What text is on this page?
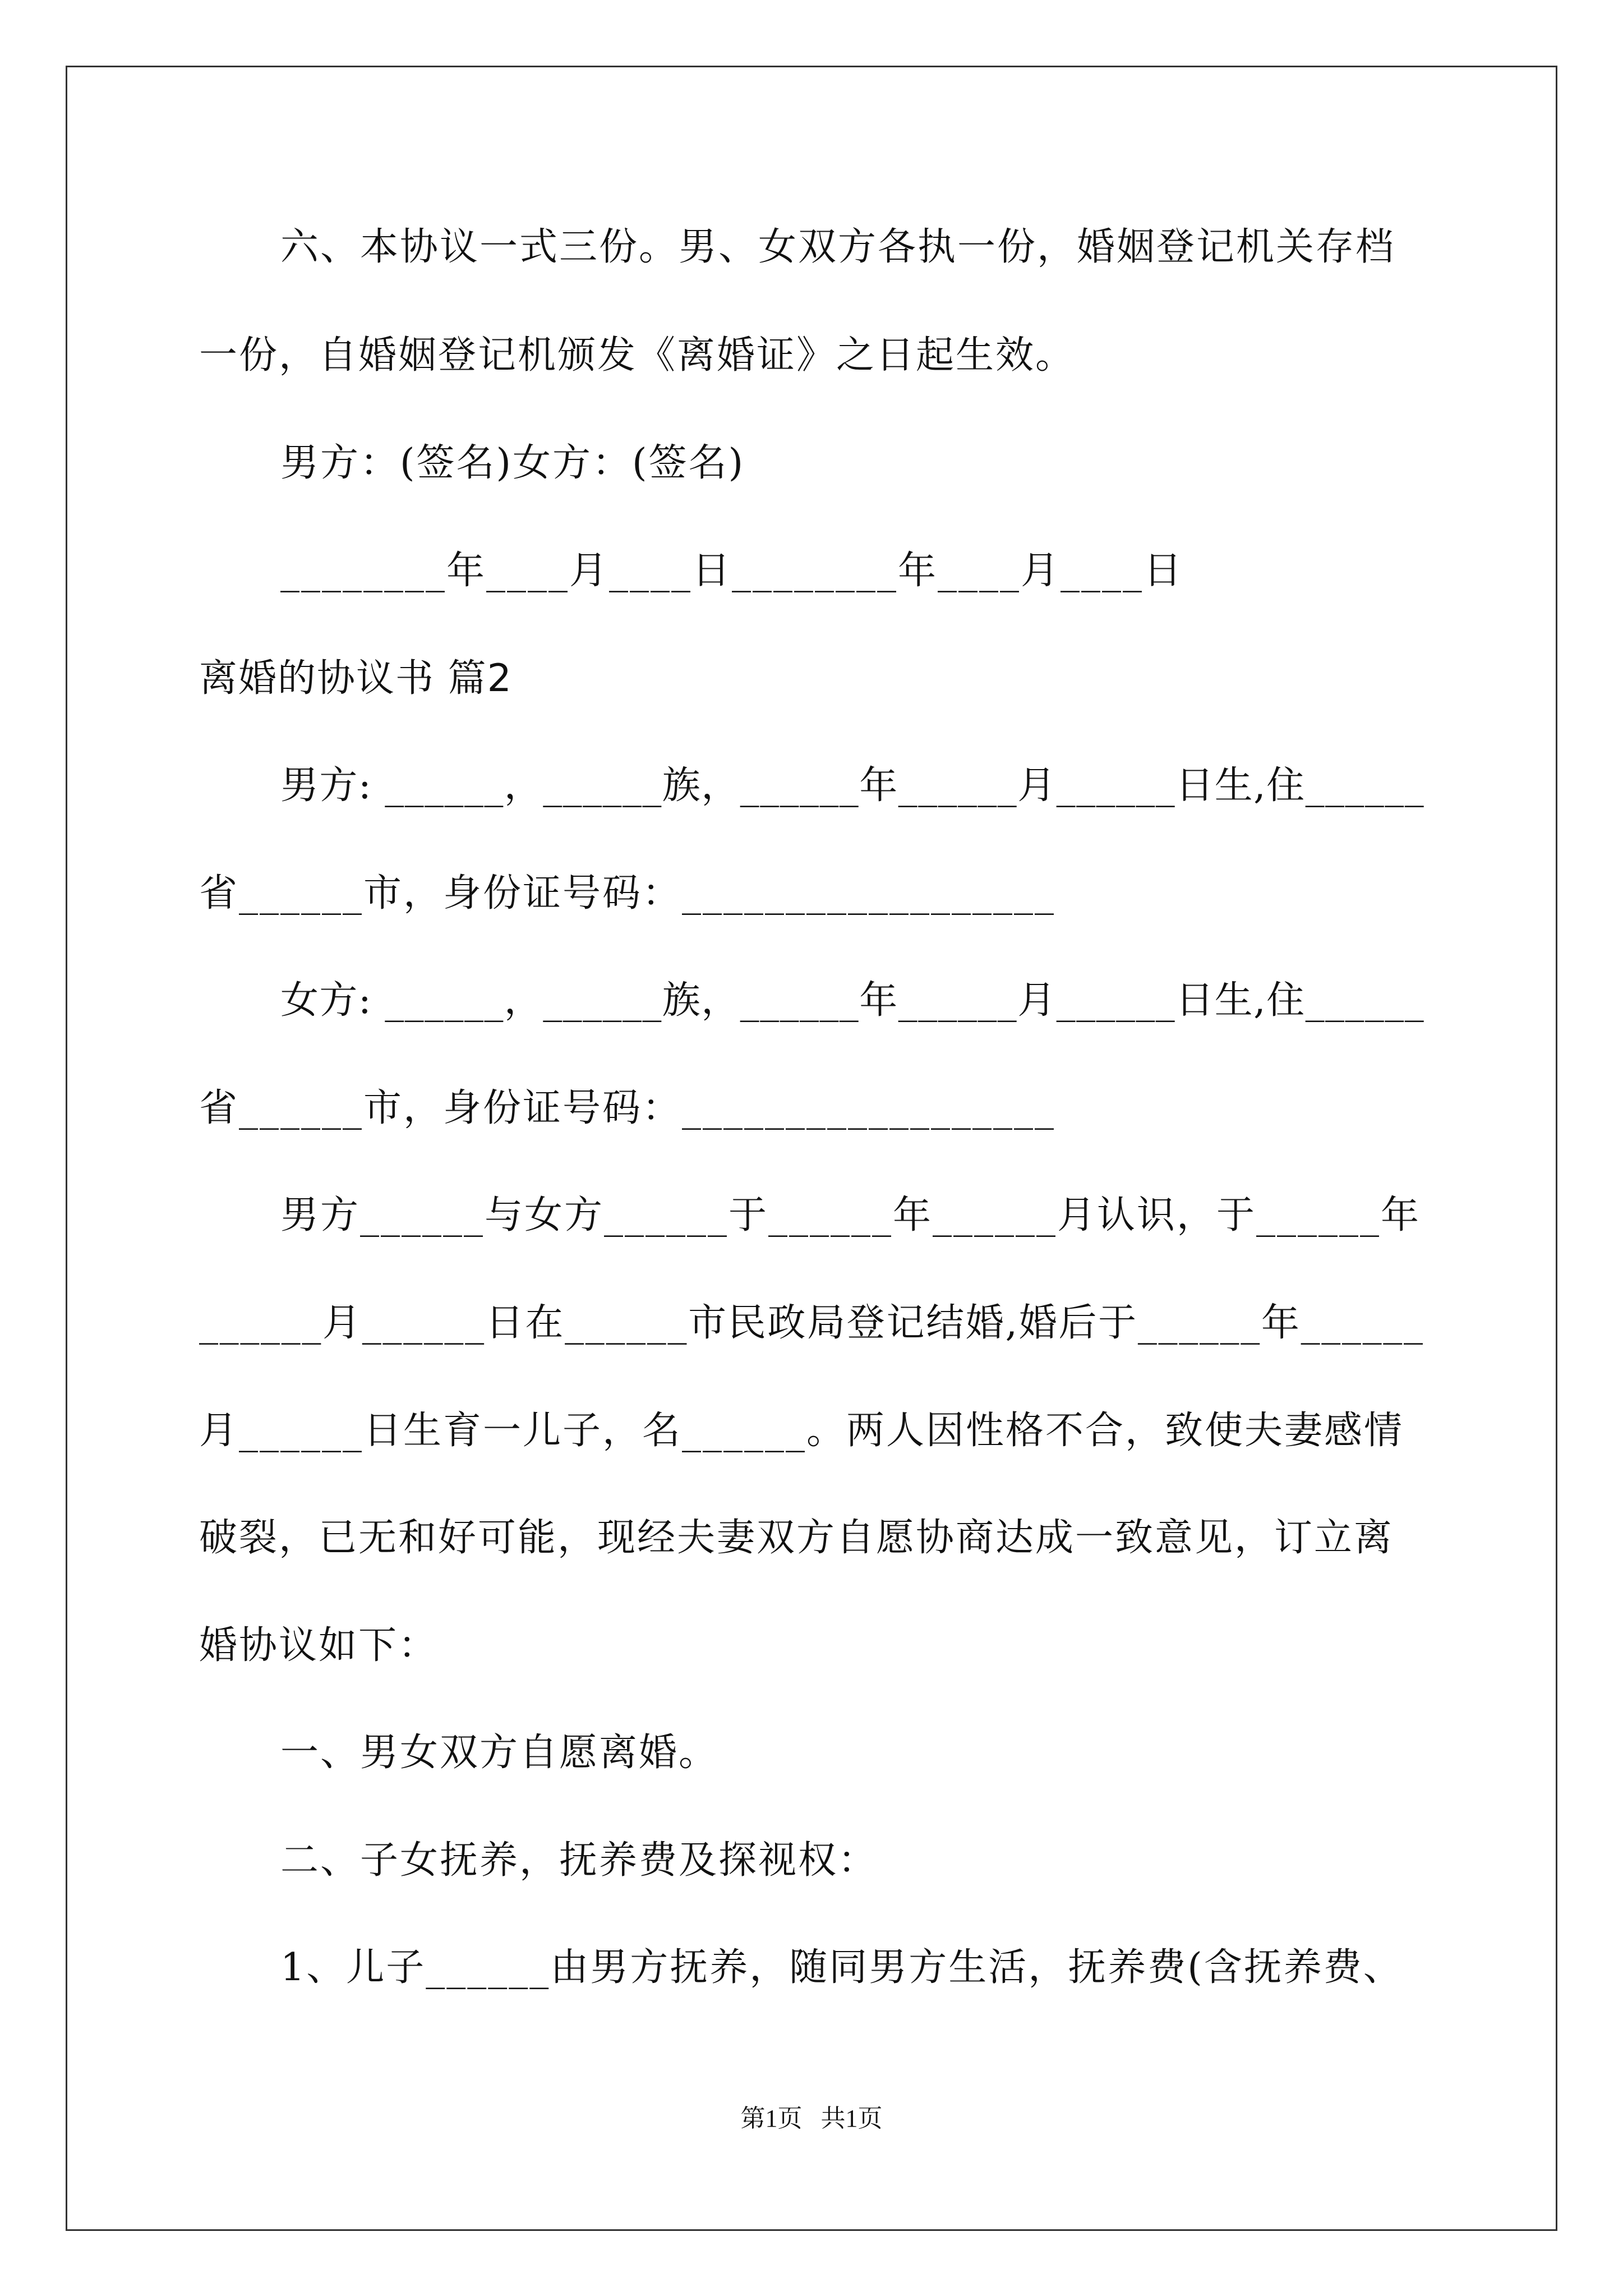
六、本协议一式三份。男、女双方各执一份，婚姻登记机关存档
一份，自婚姻登记机颁发《离婚证》之日起生效。
男方：(签名)女方：(签名)
________年____月____日________年____月____日
离婚的协议书 篇2
男方: ______，______族，______年______月______日生,住______
省______市，身份证号码：__________________
女方: ______，______族，______年______月______日生,住______
省______市，身份证号码：__________________
男方______与女方______于______年______月认识，于______年
______月______日在______市民政局登记结婚,婚后于______年______
月______日生育一儿子，名______。两人因性格不合，致使夫妻感情
破裂，已无和好可能，现经夫妻双方自愿协商达成一致意见，订立离
婚协议如下：
一、男女双方自愿离婚。
二、子女抚养，抚养费及探视权：
1、儿子______由男方抚养，随同男方生活，抚养费(含抚养费、
第1页   共1页
